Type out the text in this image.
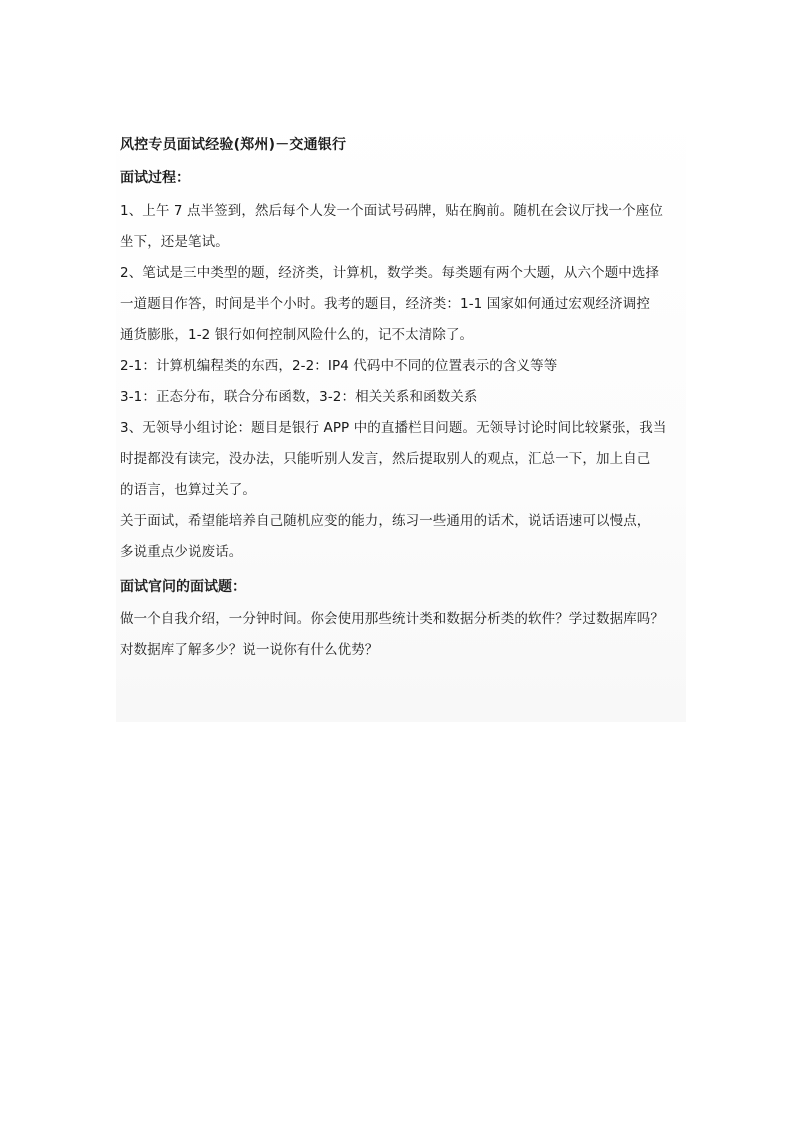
风控专员面试经验(郑州)－交通银行
面试过程：
1、上午 7 点半签到，然后每个人发一个面试号码牌，贴在胸前。随机在会议厅找一个座位
坐下，还是笔试。
2、笔试是三中类型的题，经济类，计算机，数学类。每类题有两个大题，从六个题中选择
一道题目作答，时间是半个小时。我考的题目，经济类：1-1 国家如何通过宏观经济调控
通货膨胀，1-2 银行如何控制风险什么的，记不太清除了。
2-1：计算机编程类的东西，2-2：IP4 代码中不同的位置表示的含义等等
3-1：正态分布，联合分布函数，3-2：相关关系和函数关系
3、无领导小组讨论：题目是银行 APP 中的直播栏目问题。无领导讨论时间比较紧张，我当
时提都没有读完，没办法，只能听别人发言，然后提取别人的观点，汇总一下，加上自己
的语言，也算过关了。
关于面试，希望能培养自己随机应变的能力，练习一些通用的话术，说话语速可以慢点，
多说重点少说废话。
面试官问的面试题：
做一个自我介绍，一分钟时间。你会使用那些统计类和数据分析类的软件？学过数据库吗？
对数据库了解多少？说一说你有什么优势？
